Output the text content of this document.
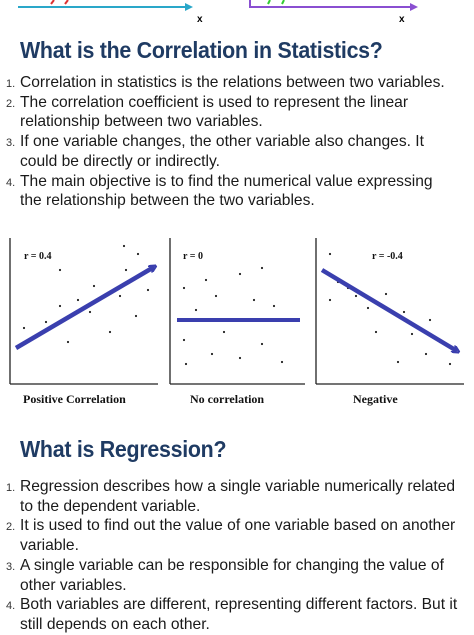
x	x
What is the Correlation in Statistics?
1. Correlation in statistics is the relations between two variables.
2. The correlation coefficient is used to represent the linear relationship between two variables.
3. If one variable changes, the other variable also changes. It could be directly or indirectly.
4. The main objective is to find the numerical value expressing the relationship between the two variables.
r = 0.4	r = 0	r = -0.4
Positive Correlation	No correlation	Negative
What is Regression?
1. Regression describes how a single variable numerically related to the dependent variable.
2. It is used to find out the value of one variable based on another variable.
3. A single variable can be responsible for changing the value of other variables.
4. Both variables are different, representing different factors. But it still depends on each other.
